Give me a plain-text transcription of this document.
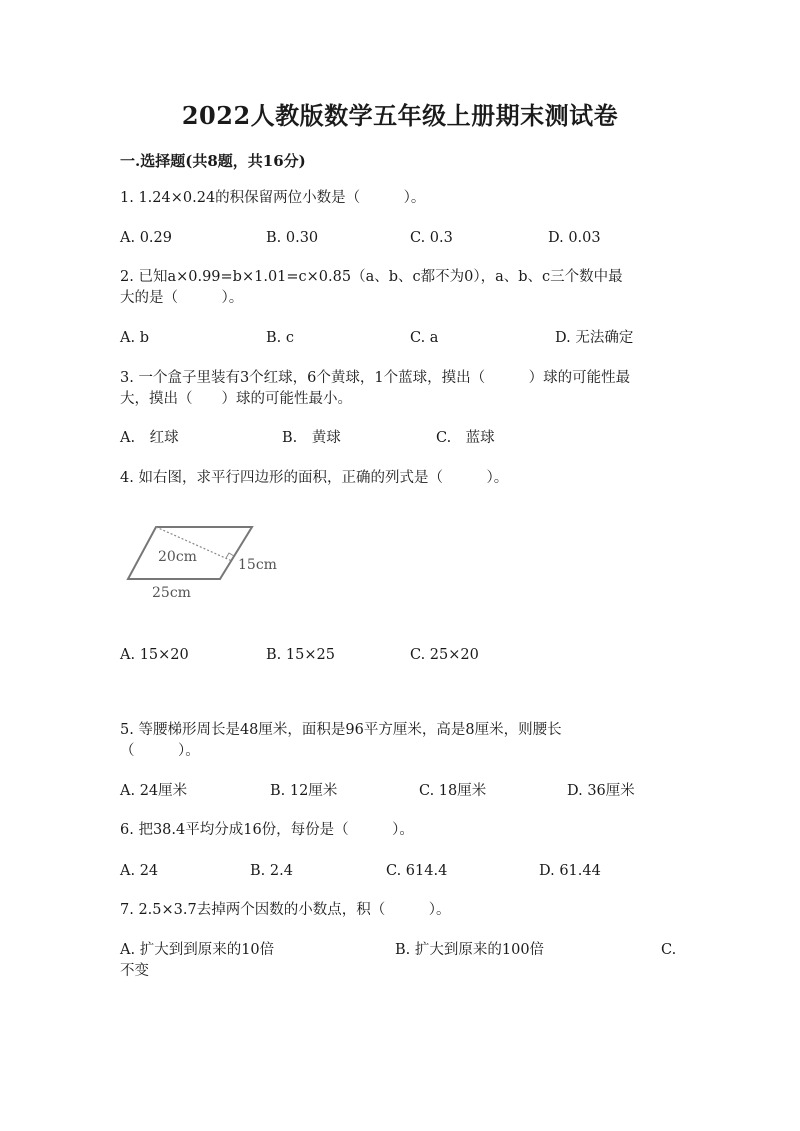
2022人教版数学五年级上册期末测试卷
一.选择题(共8题，共16分)
1. 1.24×0.24的积保留两位小数是（　　　）。
A. 0.29	B. 0.30	C. 0.3	D. 0.03
2. 已知a×0.99=b×1.01=c×0.85（a、b、c都不为0），a、b、c三个数中最
大的是（　　　）。
A. b	B. c	C. a	D. 无法确定
3. 一个盒子里装有3个红球，6个黄球，1个蓝球，摸出（　　　）球的可能性最
大，摸出（　　）球的可能性最小。
A.　红球	B.　黄球	C.　蓝球
4. 如右图，求平行四边形的面积，正确的列式是（　　　）。
20cm	15cm
25cm
A. 15×20	B. 15×25	C. 25×20
5. 等腰梯形周长是48厘米，面积是96平方厘米，高是8厘米，则腰长
（　　　）。
A. 24厘米	B. 12厘米	C. 18厘米	D. 36厘米
6. 把38.4平均分成16份，每份是（　　　）。
A. 24	B. 2.4	C. 614.4	D. 61.44
7. 2.5×3.7去掉两个因数的小数点，积（　　　）。
A. 扩大到到原来的10倍	B. 扩大到原来的100倍	C.
不变
